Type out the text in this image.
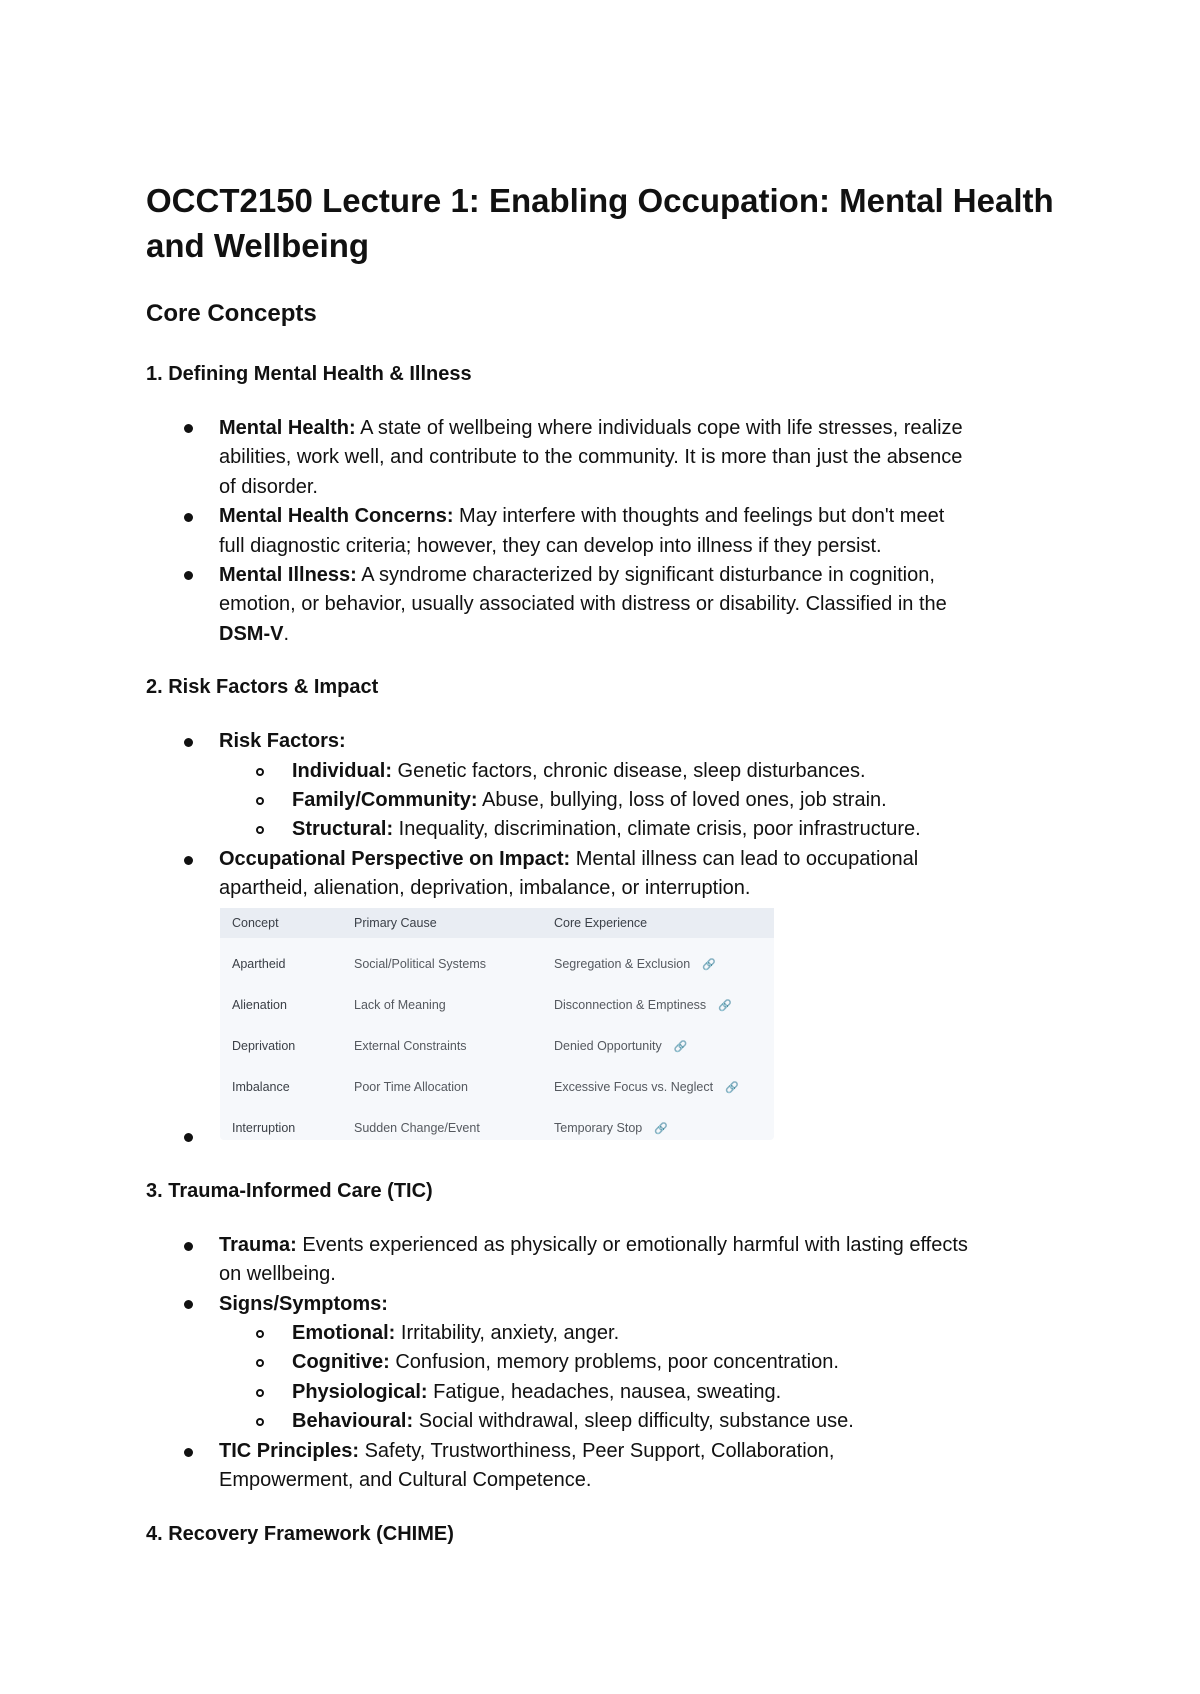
OCCT2150 Lecture 1: Enabling Occupation: Mental Health and Wellbeing
Core Concepts
1. Defining Mental Health & Illness
Mental Health: A state of wellbeing where individuals cope with life stresses, realize
abilities, work well, and contribute to the community. It is more than just the absence
of disorder.
Mental Health Concerns: May interfere with thoughts and feelings but don't meet
full diagnostic criteria; however, they can develop into illness if they persist.
Mental Illness: A syndrome characterized by significant disturbance in cognition,
emotion, or behavior, usually associated with distress or disability. Classified in the
DSM-V.
2. Risk Factors & Impact
Risk Factors:
Individual: Genetic factors, chronic disease, sleep disturbances.
Family/Community: Abuse, bullying, loss of loved ones, job strain.
Structural: Inequality, discrimination, climate crisis, poor infrastructure.
Occupational Perspective on Impact: Mental illness can lead to occupational
apartheid, alienation, deprivation, imbalance, or interruption.
Concept	Primary Cause	Core Experience
Apartheid	Social/Political Systems	Segregation & Exclusion 🔗
Alienation	Lack of Meaning	Disconnection & Emptiness 🔗
Deprivation	External Constraints	Denied Opportunity 🔗
Imbalance	Poor Time Allocation	Excessive Focus vs. Neglect 🔗
Interruption	Sudden Change/Event	Temporary Stop 🔗
3. Trauma-Informed Care (TIC)
Trauma: Events experienced as physically or emotionally harmful with lasting effects
on wellbeing.
Signs/Symptoms:
Emotional: Irritability, anxiety, anger.
Cognitive: Confusion, memory problems, poor concentration.
Physiological: Fatigue, headaches, nausea, sweating.
Behavioural: Social withdrawal, sleep difficulty, substance use.
TIC Principles: Safety, Trustworthiness, Peer Support, Collaboration,
Empowerment, and Cultural Competence.
4. Recovery Framework (CHIME)
